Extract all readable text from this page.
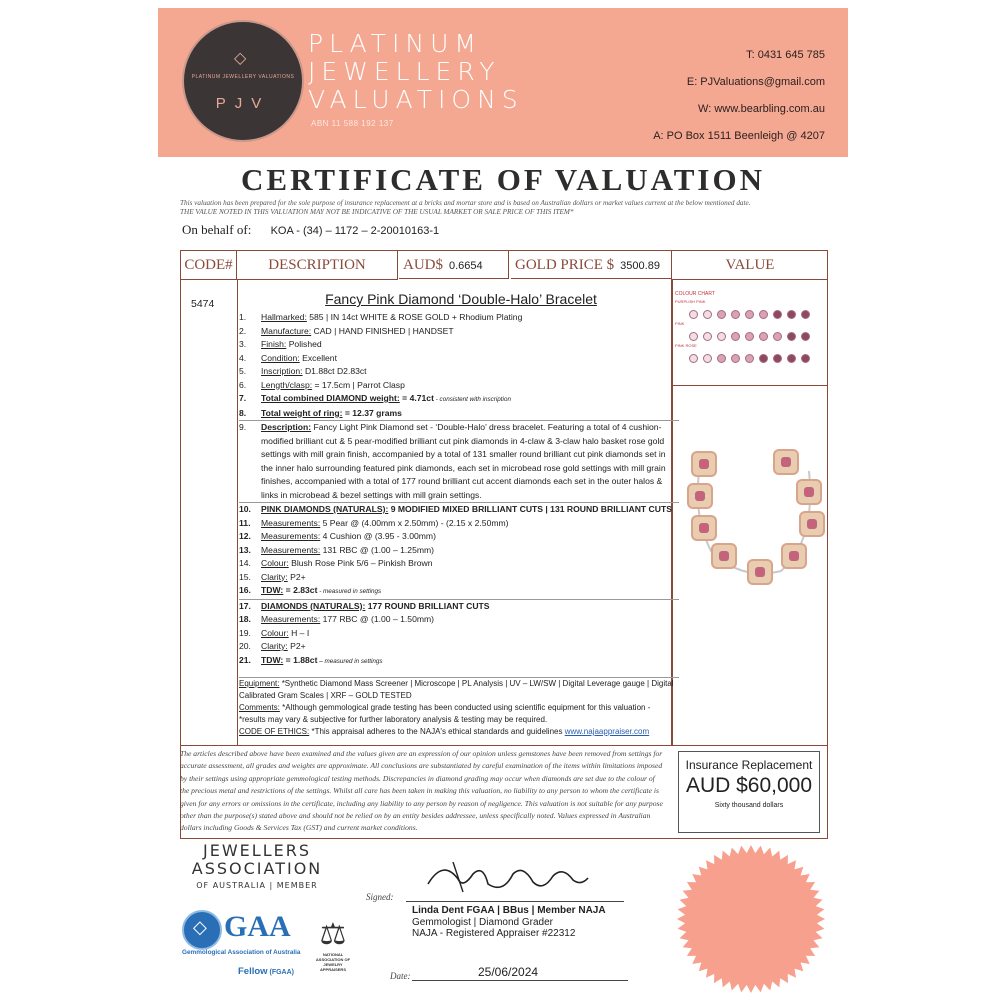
◇
PLATINUM JEWELLERY VALUATIONS
PJV
PLATINUM
JEWELLERY
VALUATIONS
ABN 11 588 192 137
T: 0431 645 785
E: PJValuations@gmail.com
W: www.bearbling.com.au
A: PO Box 1511 Beenleigh @ 4207
CERTIFICATE OF VALUATION
This valuation has been prepared for the sole purpose of insurance replacement at a bricks and mortar store and is based on Australian dollars or market values current at the below mentioned date.
THE VALUE NOTED IN THIS VALUATION MAY NOT BE INDICATIVE OF THE USUAL MARKET OR SALE PRICE OF THIS ITEM*
On behalf of: KOA - (34) – 1172 – 2-20010163-1
CODE#	DESCRIPTION	AUD$ 0.6654	GOLD PRICE $ 3500.89	VALUE
5474	Fancy Pink Diamond ‘Double-Halo’ Bracelet
1.	Hallmarked: 585 | IN 14ct WHITE & ROSE GOLD + Rhodium Plating
2.	Manufacture: CAD | HAND FINISHED | HANDSET
3.	Finish: Polished
4.	Condition: Excellent
5.	Inscription: D1.88ct D2.83ct
6.	Length/clasp: = 17.5cm | Parrot Clasp
7.	Total combined DIAMOND weight: = 4.71ct - consistent with inscription
8.	Total weight of ring: = 12.37 grams
9.	Description: Fancy Light Pink Diamond set - ‘Double-Halo’ dress bracelet. Featuring a total of 4 cushion-modified brilliant cut & 5 pear-modified brilliant cut pink diamonds in 4-claw & 3-claw halo basket rose gold settings with mill grain finish, accompanied by a total of 131 smaller round brilliant cut pink diamonds set in the inner halo surrounding featured pink diamonds, each set in microbead rose gold settings with mill grain finishes, accompanied with a total of 177 round brilliant cut accent diamonds each set in the outer halos & links in microbead & bezel settings with mill grain settings.
10.	PINK DIAMONDS (NATURALS): 9 MODIFIED MIXED BRILLIANT CUTS | 131 ROUND BRILLIANT CUTS
11.	Measurements: 5 Pear @ (4.00mm x 2.50mm) - (2.15 x 2.50mm)
12.	Measurements: 4 Cushion @ (3.95 - 3.00mm)
13.	Measurements: 131 RBC @ (1.00 – 1.25mm)
14.	Colour: Blush Rose Pink 5/6 – Pinkish Brown
15.	Clarity: P2+
16.	TDW: = 2.83ct - measured in settings
17.	DIAMONDS (NATURALS): 177 ROUND BRILLIANT CUTS
18.	Measurements: 177 RBC @ (1.00 – 1.50mm)
19.	Colour: H – I
20.	Clarity: P2+
21.	TDW: = 1.88ct – measured in settings
Equipment: *Synthetic Diamond Mass Screener | Microscope | PL Analysis | UV – LW/SW | Digital Leverage gauge | Digital Calibrated Gram Scales | XRF – GOLD TESTED
Comments: *Although gemmological grade testing has been conducted using scientific equipment for this valuation - *results may vary & subjective for further laboratory analysis & testing may be required.
CODE OF ETHICS: *This appraisal adheres to the NAJA's ethical standards and guidelines www.najaappraiser.com
COLOUR CHART
PURPLISH PINK
PINK
PINK ROSE
The articles described above have been examined and the values given are an expression of our opinion unless gemstones have been removed from settings for accurate assessment, all grades and weights are approximate. All conclusions are substantiated by careful examination of the items within limitations imposed by their settings using appropriate gemmological testing methods. Discrepancies in diamond grading may occur when diamonds are set due to the colour of the precious metal and restrictions of the settings. Whilst all care has been taken in making this valuation, no liability to any person to whom the certificate is given for any errors or omissions in the certificate, including any liability to any person by reason of negligence. This valuation is not suitable for any purpose other than the purpose(s) stated above and should not be relied on by an entity besides addressee, unless specifically noted. Values expressed in Australian dollars including Goods & Services Tax (GST) and current market conditions.
Insurance Replacement
AUD $60,000
Sixty thousand dollars
JEWELLERS
ASSOCIATION
OF AUSTRALIA | MEMBER
◇
GAA
Gemmological Association of Australia
Fellow (FGAA)
⚖
NATIONAL ASSOCIATION OF JEWELRY APPRAISERS
Signed:
Linda Dent FGAA | BBus | Member NAJA
Gemmologist | Diamond Grader
NAJA - Registered Appraiser #22312
Date:	25/06/2024
